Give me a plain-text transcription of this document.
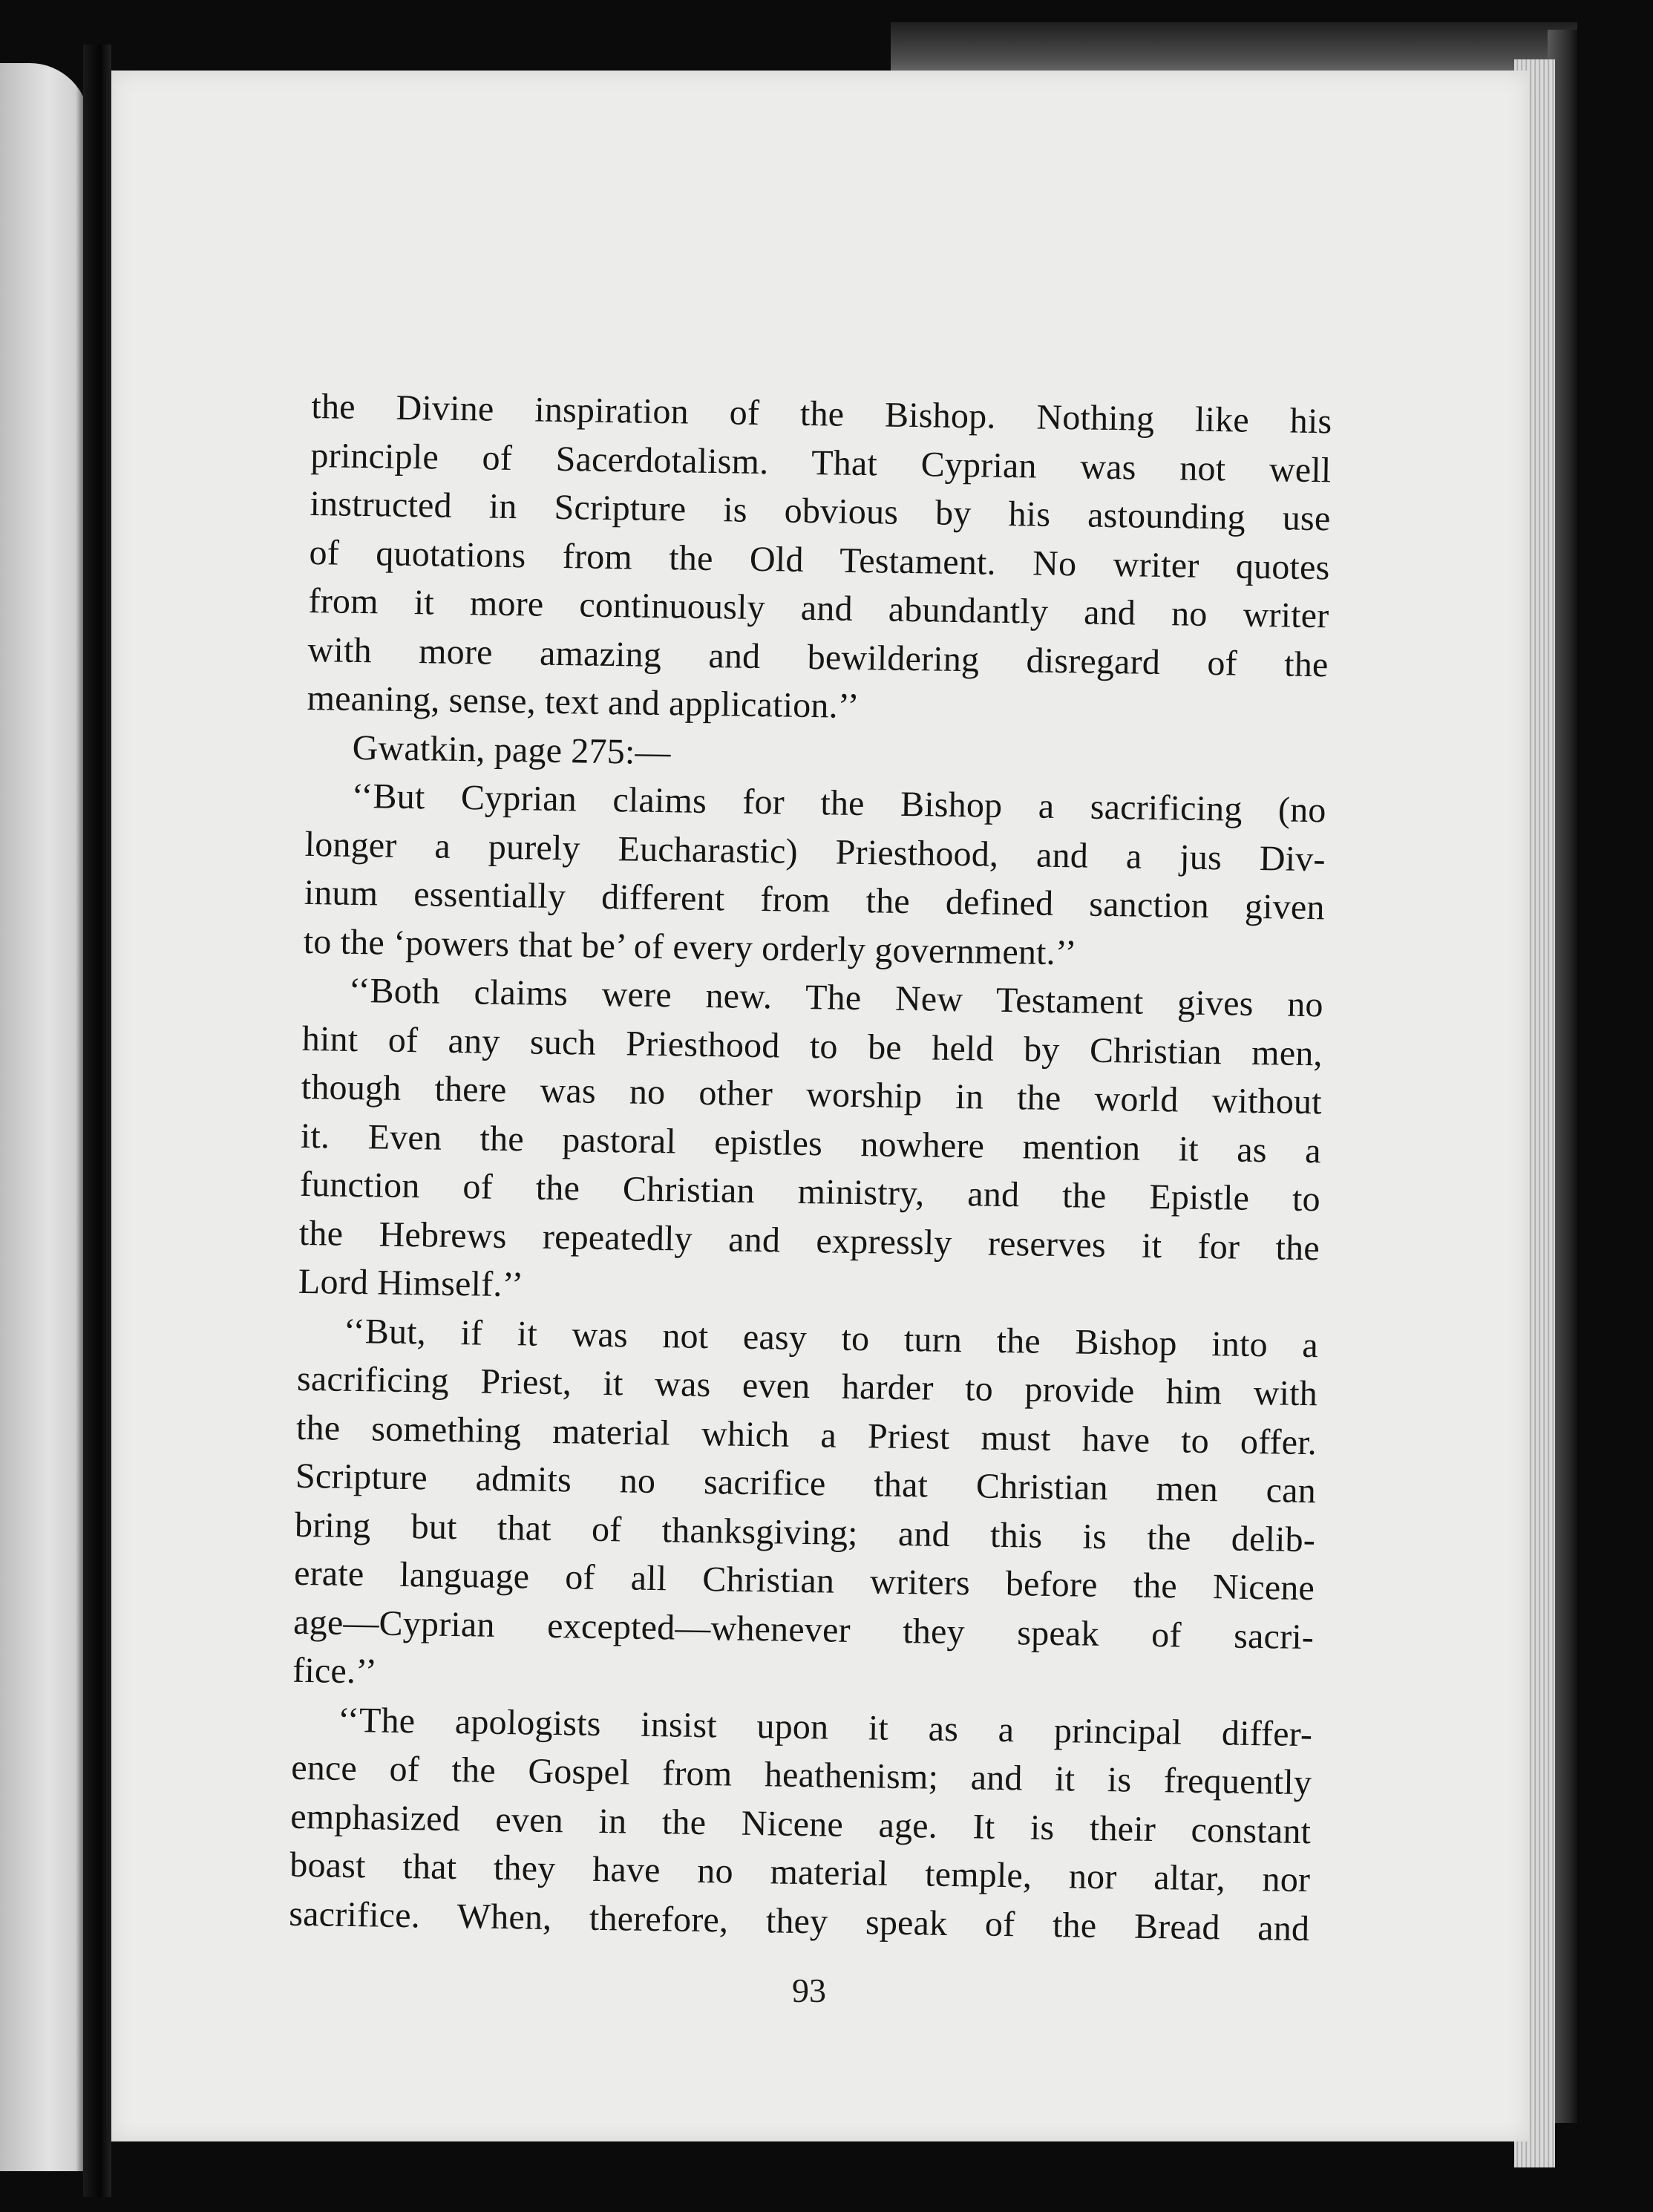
the Divine inspiration of the Bishop. Nothing like his
principle of Sacerdotalism. That Cyprian was not well
instructed in Scripture is obvious by his astounding use
of quotations from the Old Testament. No writer quotes
from it more continuously and abundantly and no writer
with more amazing and bewildering disregard of the
meaning, sense, text and application.’’
Gwatkin, page 275:—
‘‘But Cyprian claims for the Bishop a sacrificing (no
longer a purely Eucharastic) Priesthood, and a jus Div-
inum essentially different from the defined sanction given
to the ‘powers that be’ of every orderly government.’’
‘‘Both claims were new. The New Testament gives no
hint of any such Priesthood to be held by Christian men,
though there was no other worship in the world without
it. Even the pastoral epistles nowhere mention it as a
function of the Christian ministry, and the Epistle to
the Hebrews repeatedly and expressly reserves it for the
Lord Himself.’’
‘‘But, if it was not easy to turn the Bishop into a
sacrificing Priest, it was even harder to provide him with
the something material which a Priest must have to offer.
Scripture admits no sacrifice that Christian men can
bring but that of thanksgiving; and this is the delib-
erate language of all Christian writers before the Nicene
age—Cyprian excepted—whenever they speak of sacri-
fice.’’
‘‘The apologists insist upon it as a principal differ-
ence of the Gospel from heathenism; and it is frequently
emphasized even in the Nicene age. It is their constant
boast that they have no material temple, nor altar, nor
sacrifice. When, therefore, they speak of the Bread and
93
